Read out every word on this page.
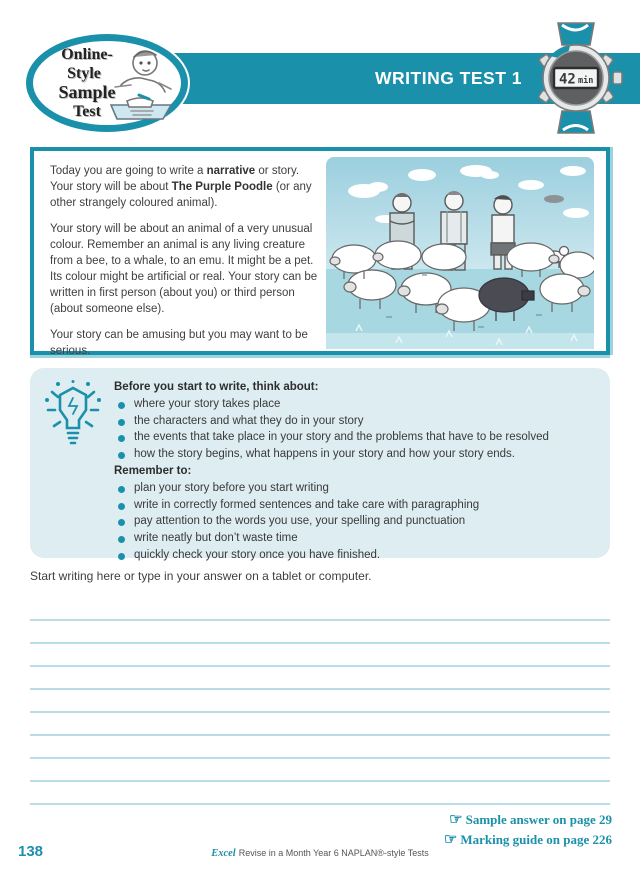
WRITING TEST 1
Online-
Style
Sample
Test
42 min

Today you are going to write a narrative or story. Your story will be about The Purple Poodle (or any other strangely coloured animal).

Your story will be about an animal of a very unusual colour. Remember an animal is any living creature from a bee, to a whale, to an emu. It might be a pet. Its colour might be artificial or real. Your story can be written in first person (about you) or third person (about someone else).

Your story can be amusing but you may want to be serious.

Before you start to write, think about:
where your story takes place
the characters and what they do in your story
the events that take place in your story and the problems that have to be resolved
how the story begins, what happens in your story and how your story ends.
Remember to:
plan your story before you start writing
write in correctly formed sentences and take care with paragraphing
pay attention to the words you use, your spelling and punctuation
write neatly but don’t waste time
quickly check your story once you have finished.
Start writing here or type in your answer on a tablet or computer.
☞ Sample answer on page 29
☞ Marking guide on page 226
138	Excel Revise in a Month Year 6 NAPLAN®-style Tests
